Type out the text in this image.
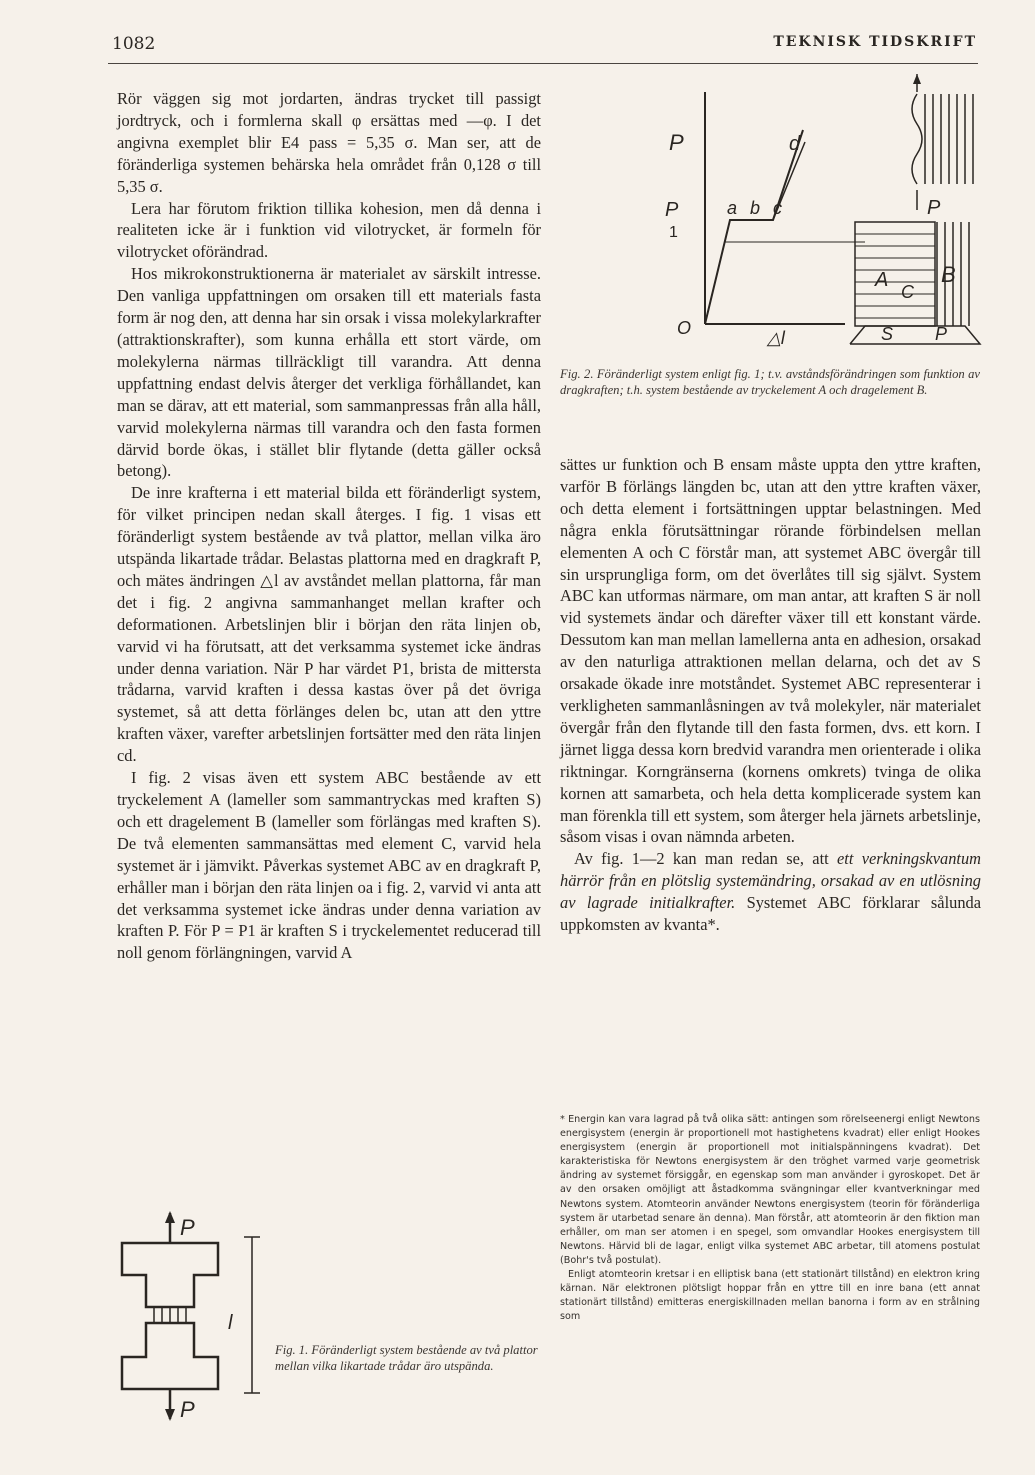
1082	TEKNISK TIDSKRIFT

Rör väggen sig mot jordarten, ändras trycket till passigt jordtryck, och i formlerna skall φ ersättas med —φ. I det angivna exemplet blir E4 pass = 5,35 σ. Man ser, att de föränderliga systemen behärska hela området från 0,128 σ till 5,35 σ.

Lera har förutom friktion tillika kohesion, men då denna i realiteten icke är i funktion vid vilotrycket, är formeln för vilotrycket oförändrad.

Hos mikrokonstruktionerna är materialet av särskilt intresse. Den vanliga uppfattningen om orsaken till ett materials fasta form är nog den, att denna har sin orsak i vissa molekylarkrafter (attraktionskrafter), som kunna erhålla ett stort värde, om molekylerna närmas tillräckligt till varandra. Att denna uppfattning endast delvis återger det verkliga förhållandet, kan man se därav, att ett material, som sammanpressas från alla håll, varvid molekylerna närmas till varandra och den fasta formen därvid borde ökas, i stället blir flytande (detta gäller också betong).

De inre krafterna i ett material bilda ett föränderligt system, för vilket principen nedan skall återges. I fig. 1 visas ett föränderligt system bestående av två plattor, mellan vilka äro utspända likartade trådar. Belastas plattorna med en dragkraft P, och mätes ändringen △l av avståndet mellan plattorna, får man det i fig. 2 angivna sammanhanget mellan krafter och deformationen. Arbetslinjen blir i början den räta linjen ob, varvid vi ha förutsatt, att det verksamma systemet icke ändras under denna variation. När P har värdet P1, brista de mittersta trådarna, varvid kraften i dessa kastas över på det övriga systemet, så att detta förlänges delen bc, utan att den yttre kraften växer, varefter arbetslinjen fortsätter med den räta linjen cd.

I fig. 2 visas även ett system ABC bestående av ett tryckelement A (lameller som sammantryckas med kraften S) och ett dragelement B (lameller som förlängas med kraften S). De två elementen sammansättas med element C, varvid hela systemet är i jämvikt. Påverkas systemet ABC av en dragkraft P, erhåller man i början den räta linjen oa i fig. 2, varvid vi anta att det verksamma systemet icke ändras under denna variation av kraften P. För P = P1 är kraften S i tryckelementet reducerad till noll genom förlängningen, varvid A

P
P
1
O
a b c
d
△l
A B
C
S
P
P
Fig. 2. Föränderligt system enligt fig. 1; t.v. avståndsförändringen som funktion av dragkraften; t.h. system bestående av tryckelement A och dragelement B.

sättes ur funktion och B ensam måste uppta den yttre kraften, varför B förlängs längden bc, utan att den yttre kraften växer, och detta element i fortsättningen upptar belastningen. Med några enkla förutsättningar rörande förbindelsen mellan elementen A och C förstår man, att systemet ABC övergår till sin ursprungliga form, om det överlåtes till sig självt. System ABC kan utformas närmare, om man antar, att kraften S är noll vid systemets ändar och därefter växer till ett konstant värde. Dessutom kan man mellan lamellerna anta en adhesion, orsakad av den naturliga attraktionen mellan delarna, och det av S orsakade ökade inre motståndet. Systemet ABC representerar i verkligheten sammanlåsningen av två molekyler, när materialet övergår från den flytande till den fasta formen, dvs. ett korn. I järnet ligga dessa korn bredvid varandra men orienterade i olika riktningar. Korngränserna (kornens omkrets) tvinga de olika kornen att samarbeta, och hela detta komplicerade system kan man förenkla till ett system, som återger hela järnets arbetslinje, såsom visas i ovan nämnda arbeten.

Av fig. 1—2 kan man redan se, att ett verkningskvantum härrör från en plötslig systemändring, orsakad av en utlösning av lagrade initialkrafter. Systemet ABC förklarar sålunda uppkomsten av kvanta*.

* Energin kan vara lagrad på två olika sätt: antingen som rörelseenergi enligt Newtons energisystem (energin är proportionell mot hastighetens kvadrat) eller enligt Hookes energisystem (energin är proportionell mot initialspänningens kvadrat). Det karakteristiska för Newtons energisystem är den tröghet varmed varje geometrisk ändring av systemet försiggår, en egenskap som man använder i gyroskopet. Det är av den orsaken omöjligt att åstadkomma svängningar eller kvantverkningar med Newtons system. Atomteorin använder Newtons energisystem (teorin för föränderliga system är utarbetad senare än denna). Man förstår, att atomteorin är den fiktion man erhåller, om man ser atomen i en spegel, som omvandlar Hookes energisystem till Newtons. Härvid bli de lagar, enligt vilka systemet ABC arbetar, till atomens postulat (Bohr's två postulat).

Enligt atomteorin kretsar i en elliptisk bana (ett stationärt tillstånd) en elektron kring kärnan. När elektronen plötsligt hoppar från en yttre till en inre bana (ett annat stationärt tillstånd) emitteras energiskillnaden mellan banorna i form av en strålning som

P
P
l
Fig. 1. Föränderligt system bestående av två plattor mellan vilka likartade trådar äro utspända.
